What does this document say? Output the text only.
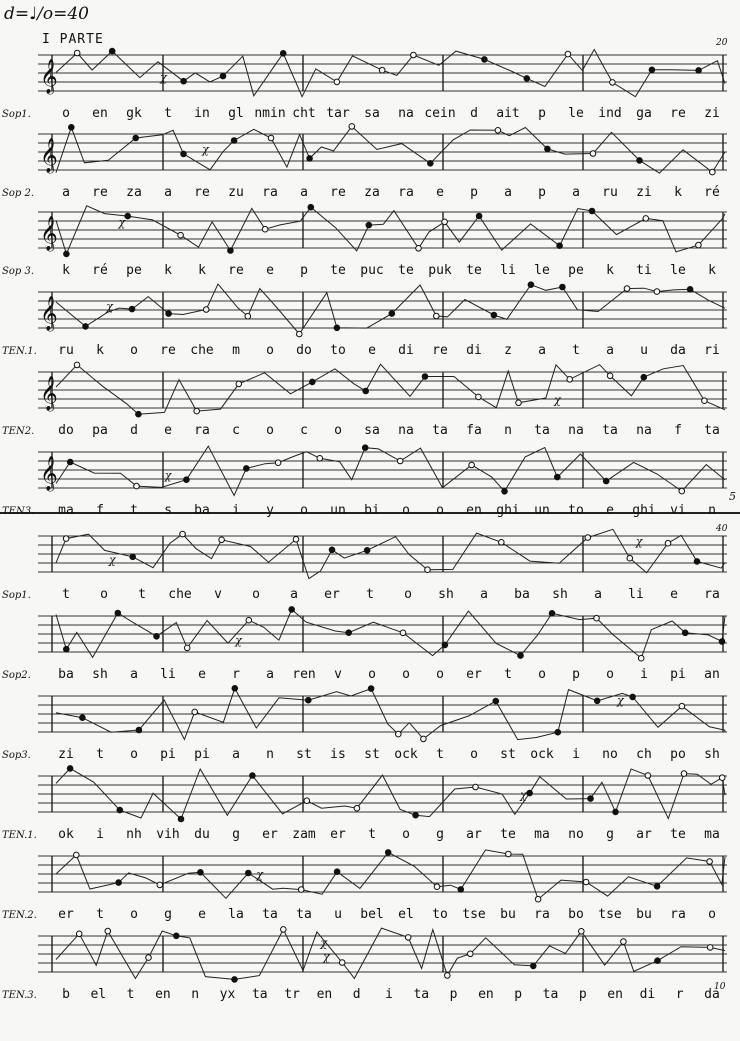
d=♩/o=40
I PARTE	20
5
40
10
𝄞	χ
𝄞	χ
𝄞	χ
𝄞	χ
𝄞	χ
𝄞	χ
χ
χ
χ
χ
χ
χ
χ
χ
Sop1. o en gk t in gl nmin cht tar sa na cein d ait p le ind ga re zi
Sop 2. a re za a re zu ra a re za ra e p a p a ru zi k ré
Sop 3. k ré pe k k re e p te puc te puk te li le pe k ti le k
TEN.1. ru k o re che m o do to e di re di z a t a u da ri
TEN2. do pa d e ra c o c o sa na ta fa n ta na ta na f ta
TEN3. ma f t s ba i y o un bi o o en ghi un to e ghi vi n
Sop1. t o t che v o a er t o sh a ba sh a li e ra
Sop2. ba sh a li e r a ren v o o o er t o p o i pi an
Sop3. zi t o pi pi a n st is st ock t o st ock i no ch po sh
TEN.1. ok i nh vih du g er zam er t o g ar te ma no g ar te ma
TEN.2. er t o g e la ta ta u bel el to tse bu ra bo tse bu ra o
TEN.3. b el t en n yx ta tr en d i ta p en p ta p en di r da
